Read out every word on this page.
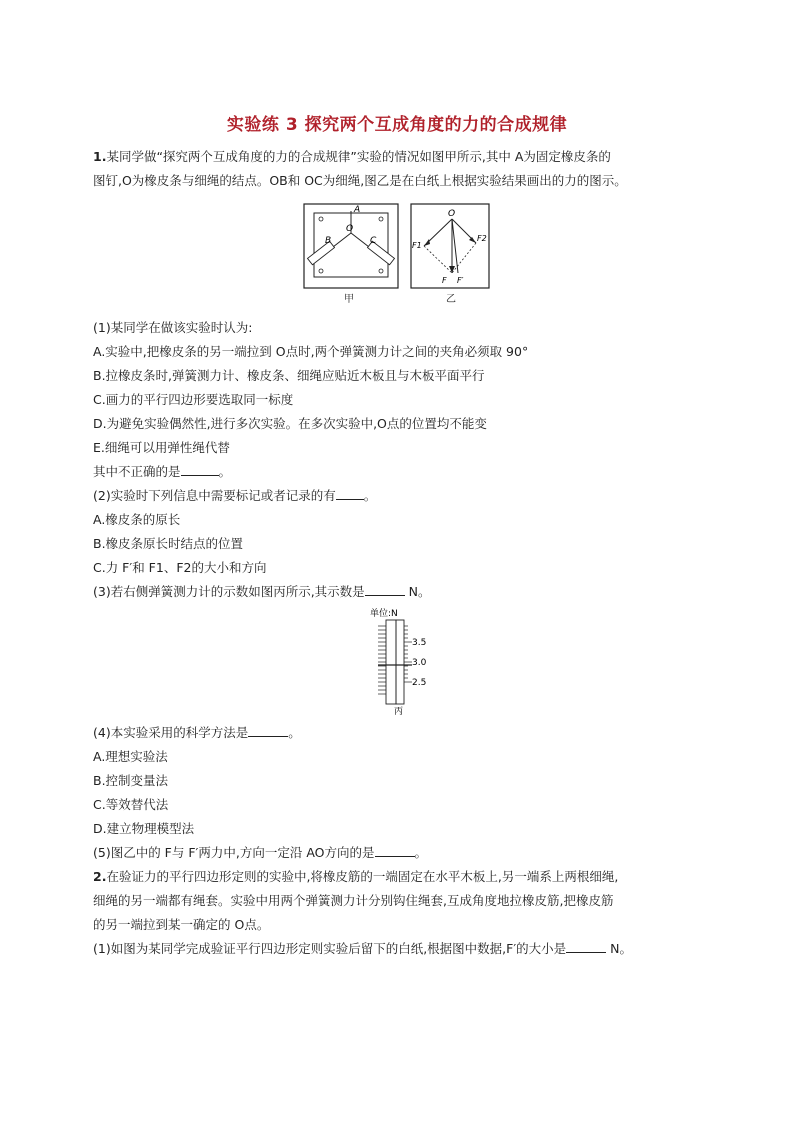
实验练 3 探究两个互成角度的力的合成规律
1.某同学做“探究两个互成角度的力的合成规律”实验的情况如图甲所示,其中 A为固定橡皮条的
图钉,O为橡皮条与细绳的结点。OB和 OC为细绳,图乙是在白纸上根据实验结果画出的力的图示。
A
O
B	C
甲
O
F1
F2
F F′
乙
(1)某同学在做该实验时认为:
A.实验中,把橡皮条的另一端拉到 O点时,两个弹簧测力计之间的夹角必须取 90°
B.拉橡皮条时,弹簧测力计、橡皮条、细绳应贴近木板且与木板平面平行
C.画力的平行四边形要选取同一标度
D.为避免实验偶然性,进行多次实验。在多次实验中,O点的位置均不能变
E.细绳可以用弹性绳代替
其中不正确的是	。
(2)实验时下列信息中需要标记或者记录的有 。
A.橡皮条的原长
B.橡皮条原长时结点的位置
C.力 F′和 F1、F2的大小和方向
(3)若右侧弹簧测力计的示数如图丙所示,其示数是	N。
单位:N
3.5
3.0
2.5
丙
(4)本实验采用的科学方法是	。
A.理想实验法
B.控制变量法
C.等效替代法
D.建立物理模型法
(5)图乙中的 F与 F′两力中,方向一定沿 AO方向的是	。
2.在验证力的平行四边形定则的实验中,将橡皮筋的一端固定在水平木板上,另一端系上两根细绳,
细绳的另一端都有绳套。实验中用两个弹簧测力计分别钩住绳套,互成角度地拉橡皮筋,把橡皮筋
的另一端拉到某一确定的 O点。
(1)如图为某同学完成验证平行四边形定则实验后留下的白纸,根据图中数据,F′的大小是	N。
